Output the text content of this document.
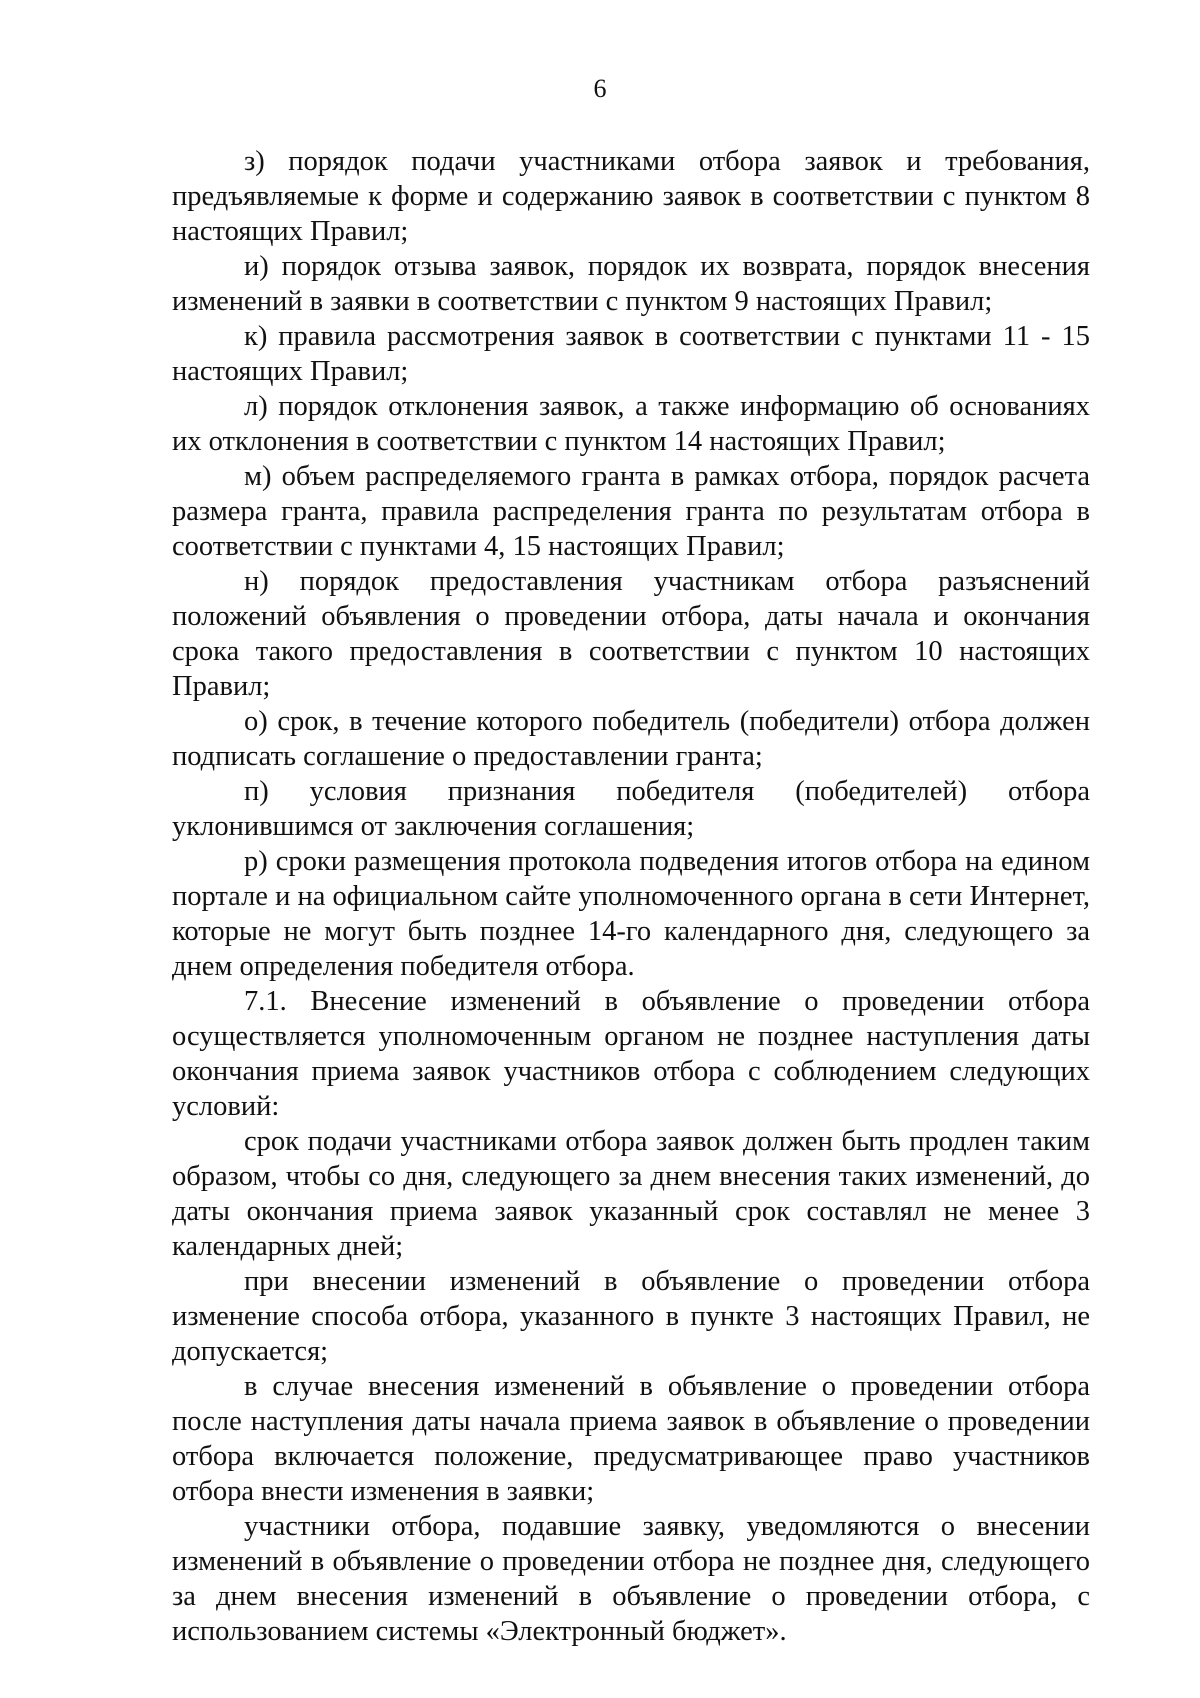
6

з) порядок подачи участниками отбора заявок и требования, предъявляемые к форме и содержанию заявок в соответствии с пунктом 8 настоящих Правил;

и) порядок отзыва заявок, порядок их возврата, порядок внесения изменений в заявки в соответствии с пунктом 9 настоящих Правил;

к) правила рассмотрения заявок в соответствии с пунктами 11 - 15 настоящих Правил;

л) порядок отклонения заявок, а также информацию об основаниях их отклонения в соответствии с пунктом 14 настоящих Правил;

м) объем распределяемого гранта в рамках отбора, порядок расчета размера гранта, правила распределения гранта по результатам отбора в соответствии с пунктами 4, 15 настоящих Правил;

н) порядок предоставления участникам отбора разъяснений положений объявления о проведении отбора, даты начала и окончания срока такого предоставления в соответствии с пунктом 10 настоящих Правил;

о) срок, в течение которого победитель (победители) отбора должен подписать соглашение о предоставлении гранта;

п) условия признания победителя (победителей) отбора уклонившимся от заключения соглашения;

р) сроки размещения протокола подведения итогов отбора на едином портале и на официальном сайте уполномоченного органа в сети Интернет, которые не могут быть позднее 14-го календарного дня, следующего за днем определения победителя отбора.

7.1. Внесение изменений в объявление о проведении отбора осуществляется уполномоченным органом не позднее наступления даты окончания приема заявок участников отбора с соблюдением следующих условий:

срок подачи участниками отбора заявок должен быть продлен таким образом, чтобы со дня, следующего за днем внесения таких изменений, до даты окончания приема заявок указанный срок составлял не менее 3 календарных дней;

при внесении изменений в объявление о проведении отбора изменение способа отбора, указанного в пункте 3 настоящих Правил, не допускается;

в случае внесения изменений в объявление о проведении отбора после наступления даты начала приема заявок в объявление о проведении отбора включается положение, предусматривающее право участников отбора внести изменения в заявки;

участники отбора, подавшие заявку, уведомляются о внесении изменений в объявление о проведении отбора не позднее дня, следующего за днем внесения изменений в объявление о проведении отбора, с использованием системы «Электронный бюджет».
